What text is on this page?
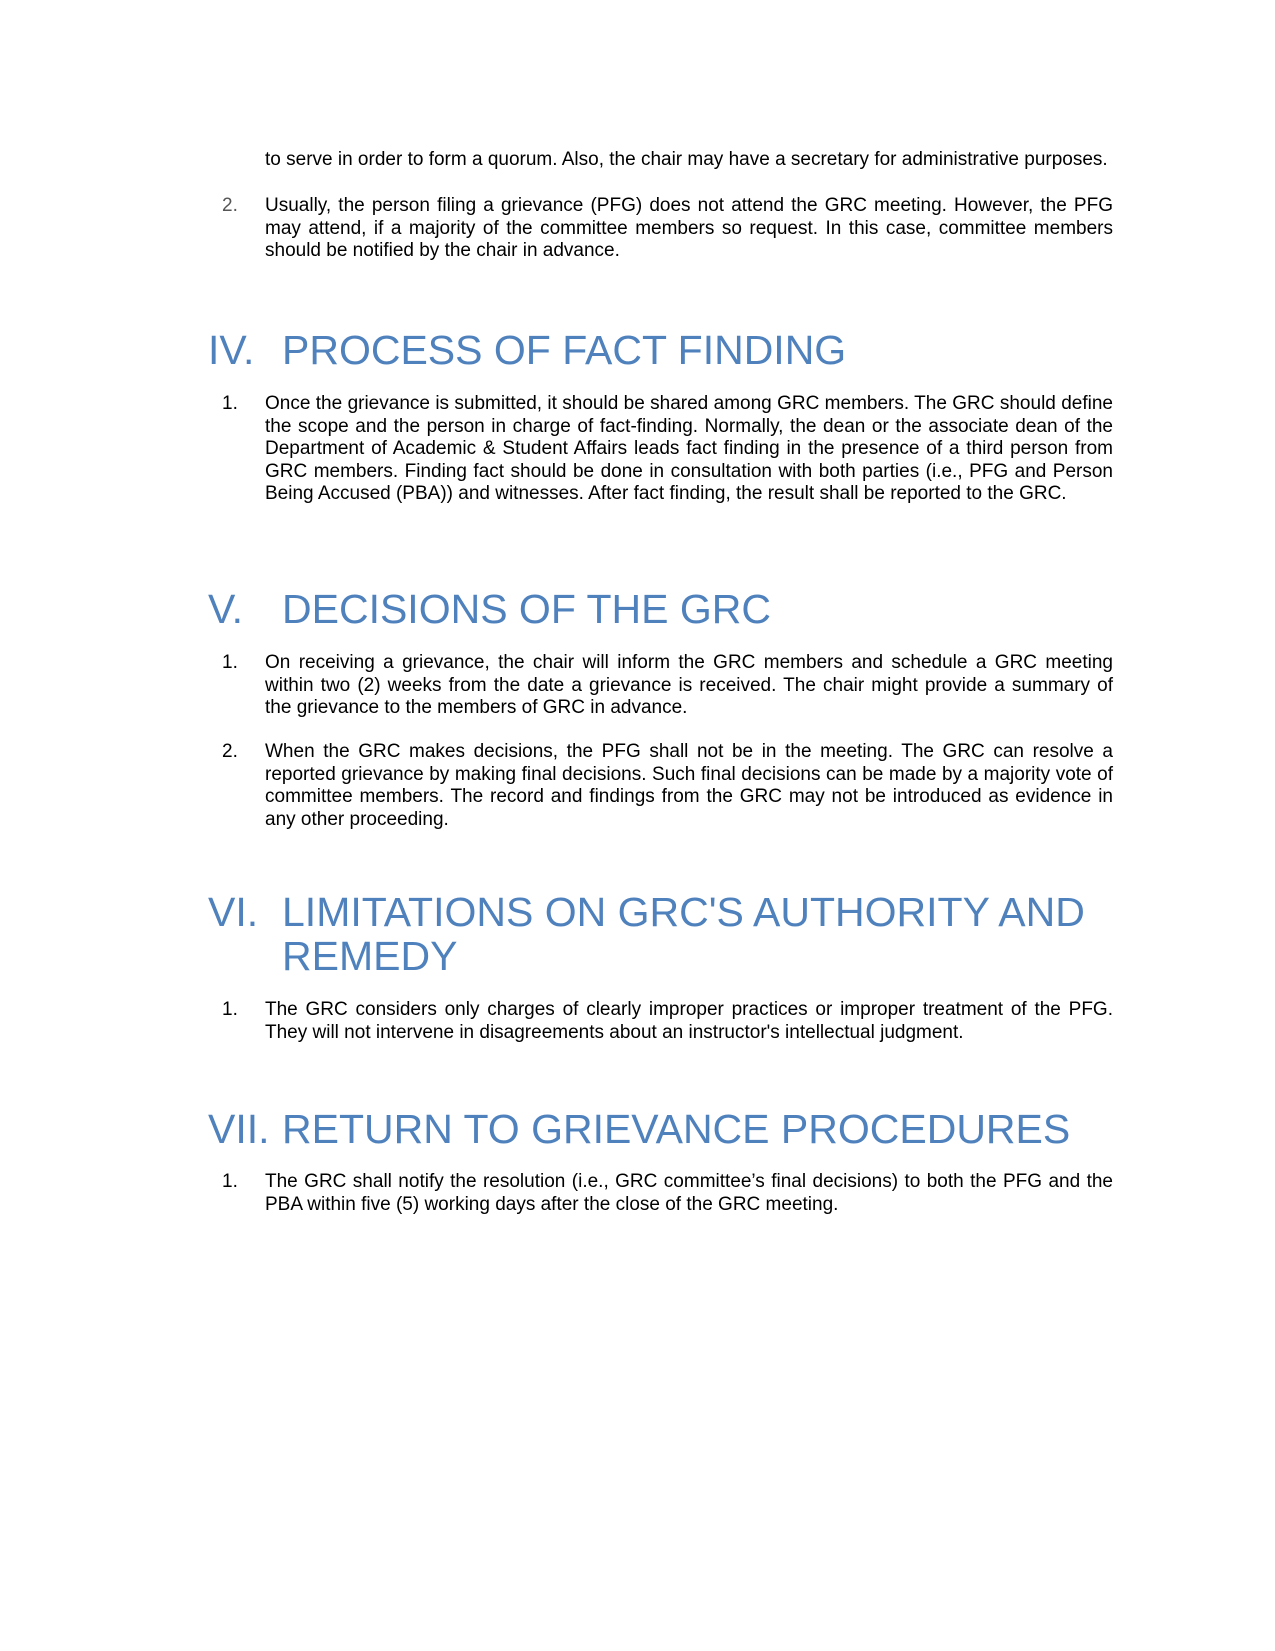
to serve in order to form a quorum. Also, the chair may have a secretary for administrative purposes.
2.	Usually, the person filing a grievance (PFG) does not attend the GRC meeting. However, the PFG may attend, if a majority of the committee members so request. In this case, committee members should be notified by the chair in advance.
IV. PROCESS OF FACT FINDING
1.	Once the grievance is submitted, it should be shared among GRC members. The GRC should define the scope and the person in charge of fact-finding. Normally, the dean or the associate dean of the Department of Academic & Student Affairs leads fact finding in the presence of a third person from GRC members. Finding fact should be done in consultation with both parties (i.e., PFG and Person Being Accused (PBA)) and witnesses. After fact finding, the result shall be reported to the GRC.
V. DECISIONS OF THE GRC
1.	On receiving a grievance, the chair will inform the GRC members and schedule a GRC meeting within two (2) weeks from the date a grievance is received. The chair might provide a summary of the grievance to the members of GRC in advance.
2.	When the GRC makes decisions, the PFG shall not be in the meeting. The GRC can resolve a reported grievance by making final decisions. Such final decisions can be made by a majority vote of committee members. The record and findings from the GRC may not be introduced as evidence in any other proceeding.
VI. LIMITATIONS ON GRC'S AUTHORITY AND REMEDY
1.	The GRC considers only charges of clearly improper practices or improper treatment of the PFG. They will not intervene in disagreements about an instructor's intellectual judgment.
VII. RETURN TO GRIEVANCE PROCEDURES
1.	The GRC shall notify the resolution (i.e., GRC committee’s final decisions) to both the PFG and the PBA within five (5) working days after the close of the GRC meeting.
